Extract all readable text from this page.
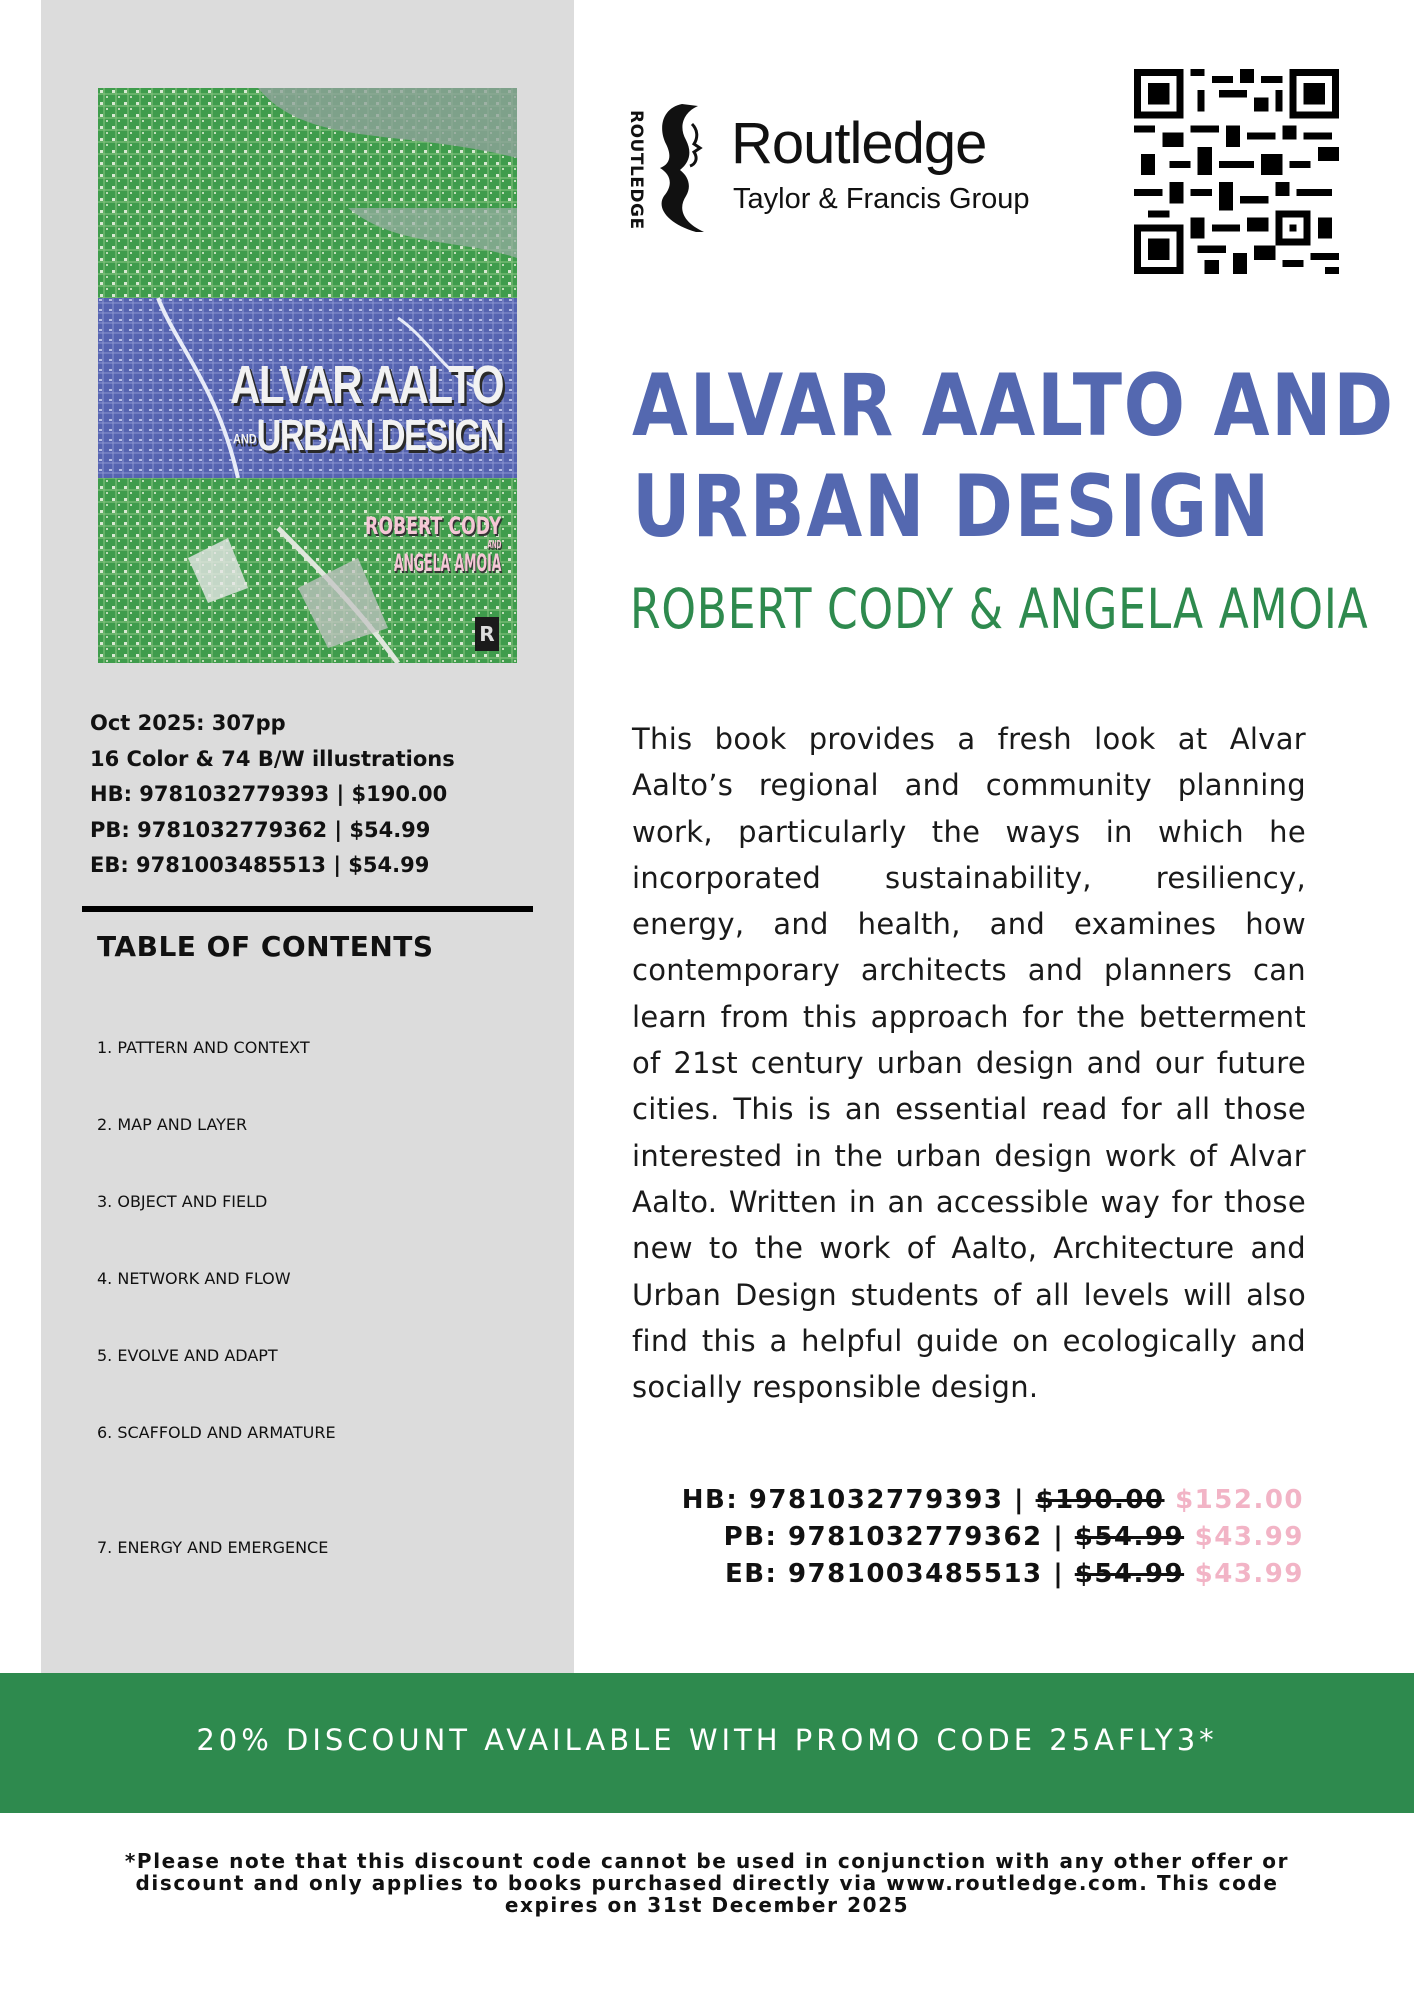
ALVAR AALTO
ANDURBAN DESIGN
ROBERT CODY
AND
ANGELA AMOIA
R
Oct 2025: 307pp
16 Color & 74 B/W illustrations
HB: 9781032779393 | $190.00
PB: 9781032779362 | $54.99
EB: 9781003485513 | $54.99
TABLE OF CONTENTS
1. PATTERN AND CONTEXT
2. MAP AND LAYER
3. OBJECT AND FIELD
4. NETWORK AND FLOW
5. EVOLVE AND ADAPT
6. SCAFFOLD AND ARMATURE
7. ENERGY AND EMERGENCE
ROUTLEDGE Routledge
Taylor & Francis Group
ALVAR AALTO AND
URBAN DESIGN
ROBERT CODY & ANGELA AMOIA

This book provides a fresh look at Alvar Aalto’s regional and community planning work, particularly the ways in which he incorporated sustainability, resiliency, energy, and health, and examines how contemporary architects and planners can learn from this approach for the betterment of 21st century urban design and our future cities. This is an essential read for all those interested in the urban design work of Alvar Aalto. Written in an accessible way for those new to the work of Aalto, Architecture and Urban Design students of all levels will also find this a helpful guide on ecologically and socially responsible design.

HB: 9781032779393 | $190.00 $152.00
PB: 9781032779362 | $54.99 $43.99
EB: 9781003485513 | $54.99 $43.99
20% DISCOUNT AVAILABLE WITH PROMO CODE 25AFLY3*
*Please note that this discount code cannot be used in conjunction with any other offer or discount and only applies to books purchased directly via www.routledge.com. This code expires on 31st December 2025
